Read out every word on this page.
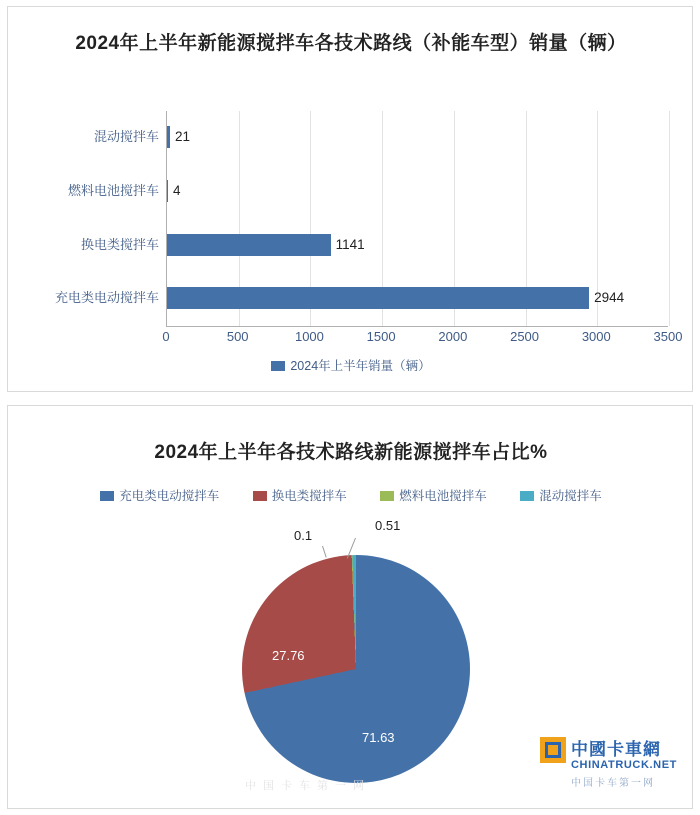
2024年上半年新能源搅拌车各技术路线（补能车型）销量（辆）
混动搅拌车	21
燃料电池搅拌车	4
换电类搅拌车	1141
充电类电动搅拌车	2944
0	500	1000	1500	2000	2500	3000	3500
2024年上半年销量（辆）
2024年上半年各技术路线新能源搅拌车占比%
充电类电动搅拌车	换电类搅拌车	燃料电池搅拌车	混动搅拌车
71.63
27.76
0.1
0.51
中國卡車網
CHINATRUCK.NET
中国卡车第一网
中国卡车第一网
